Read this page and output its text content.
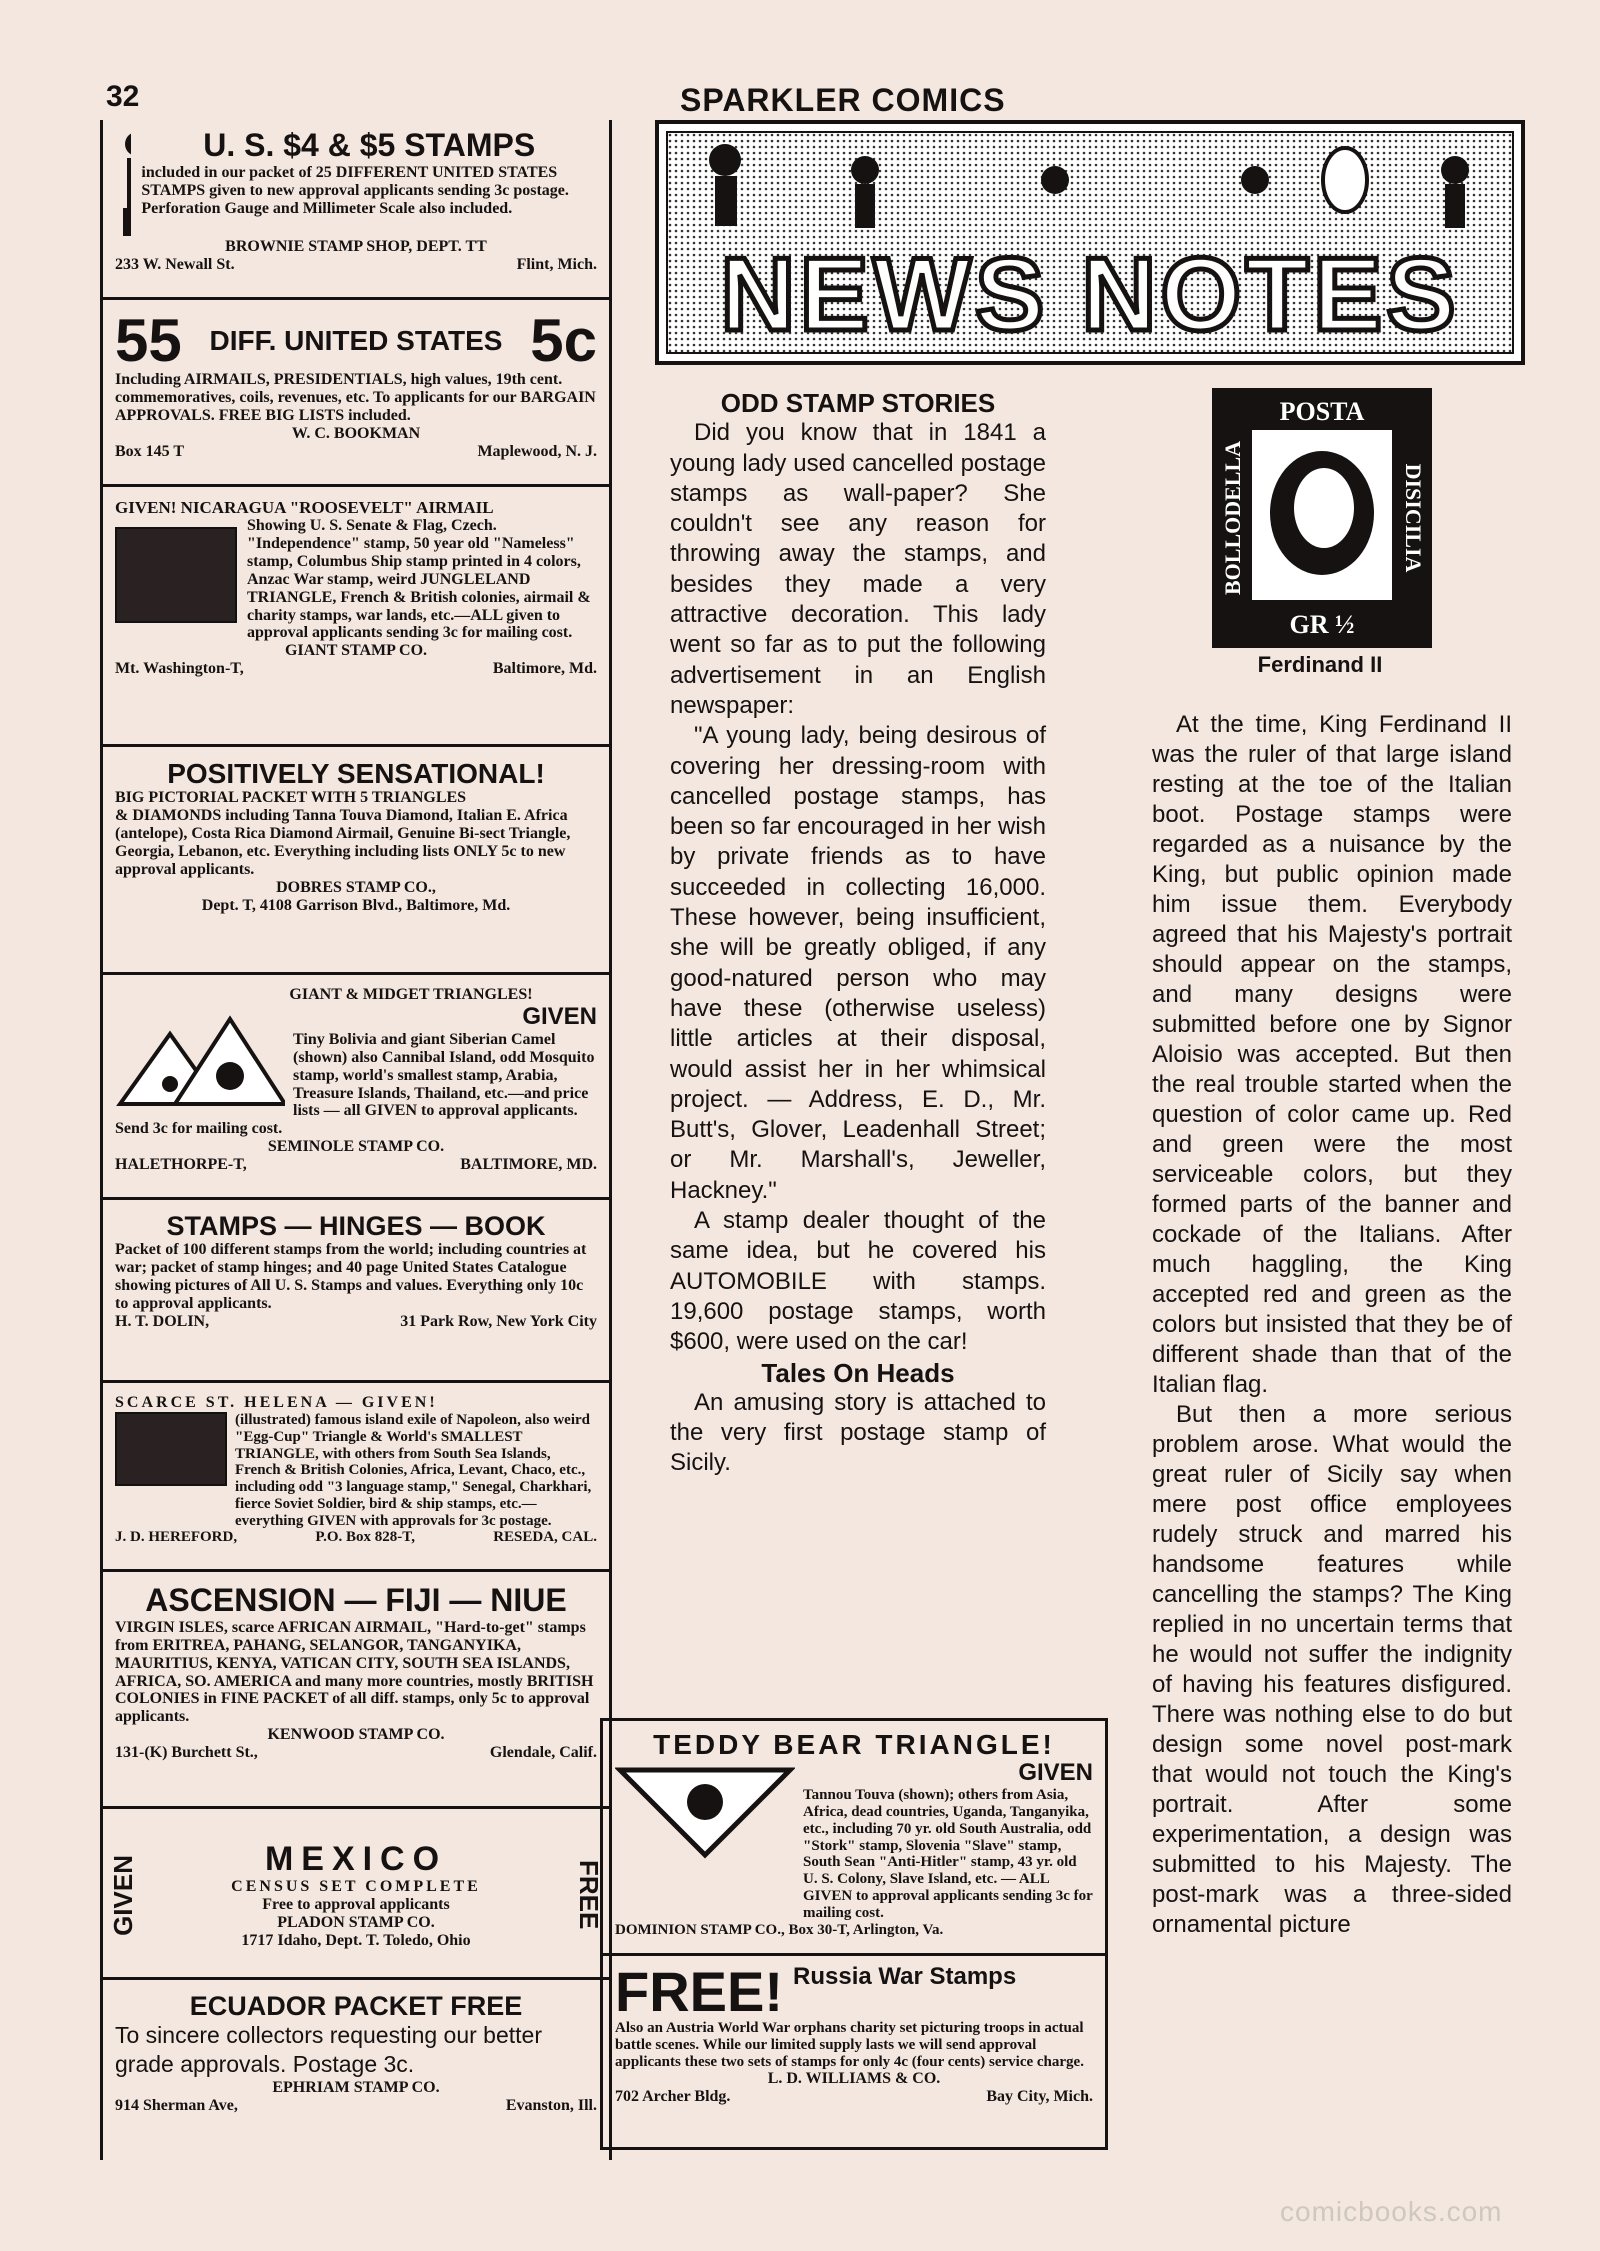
32	SPARKLER COMICS
U. S. $4 & $5 STAMPS
included in our packet of 25 DIFFERENT UNITED STATES STAMPS given to new approval applicants sending 3c postage. Perforation Gauge and Millimeter Scale also included.
BROWNIE STAMP SHOP, DEPT. TT
233 W. Newall St.	Flint, Mich.
55 DIFF. UNITED STATES 5c
Including AIRMAILS, PRESIDENTIALS, high values, 19th cent. commemoratives, coils, revenues, etc. To applicants for our BARGAIN APPROVALS. FREE BIG LISTS included.
W. C. BOOKMAN
Box 145 T	Maplewood, N. J.
GIVEN! NICARAGUA "ROOSEVELT" AIRMAIL
Showing U. S. Senate & Flag, Czech. "Independence" stamp, 50 year old "Nameless" stamp, Columbus Ship stamp printed in 4 colors, Anzac War stamp, weird JUNGLELAND TRIANGLE, French & British colonies, airmail & charity stamps, war lands, etc.—ALL given to approval applicants sending 3c for mailing cost.
GIANT STAMP CO.
Mt. Washington-T,	Baltimore, Md.
POSITIVELY SENSATIONAL!
BIG PICTORIAL PACKET WITH 5 TRIANGLES
& DIAMONDS including Tanna Touva Diamond, Italian E. Africa (antelope), Costa Rica Diamond Airmail, Genuine Bi-sect Triangle, Georgia, Lebanon, etc. Everything including lists ONLY 5c to new approval applicants.
DOBRES STAMP CO.,
Dept. T, 4108 Garrison Blvd., Baltimore, Md.
GIANT & MIDGET TRIANGLES!
GIVEN
Tiny Bolivia and giant Siberian Camel (shown) also Cannibal Island, odd Mosquito stamp, world's smallest stamp, Arabia, Treasure Islands, Thailand, etc.—and price lists — all GIVEN to approval applicants.
Send 3c for mailing cost.
SEMINOLE STAMP CO.
HALETHORPE-T,	BALTIMORE, MD.
STAMPS — HINGES — BOOK
Packet of 100 different stamps from the world; including countries at war; packet of stamp hinges; and 40 page United States Catalogue showing pictures of All U. S. Stamps and values. Everything only 10c to approval applicants.
H. T. DOLIN,	31 Park Row, New York City
SCARCE ST. HELENA — GIVEN!
(illustrated) famous island exile of Napoleon, also weird "Egg-Cup" Triangle & World's SMALLEST TRIANGLE, with others from South Sea Islands, French & British Colonies, Africa, Levant, Chaco, etc., including odd "3 language stamp," Senegal, Charkhari, fierce Soviet Soldier, bird & ship stamps, etc.—everything GIVEN with approvals for 3c postage.
J. D. HEREFORD,	P.O. Box 828-T,	RESEDA, CAL.
ASCENSION — FIJI — NIUE
VIRGIN ISLES, scarce AFRICAN AIRMAIL, "Hard-to-get" stamps from ERITREA, PAHANG, SELANGOR, TANGANYIKA, MAURITIUS, KENYA, VATICAN CITY, SOUTH SEA ISLANDS, AFRICA, SO. AMERICA and many more countries, mostly BRITISH COLONIES in FINE PACKET of all diff. stamps, only 5c to approval applicants.
KENWOOD STAMP CO.
131-(K) Burchett St.,	Glendale, Calif.
GIVEN	MEXICO
CENSUS SET COMPLETE
Free to approval applicants
PLADON STAMP CO.
1717 Idaho, Dept. T. Toledo, Ohio
FREE
ECUADOR PACKET FREE
To sincere collectors requesting our better grade approvals. Postage 3c.
EPHRIAM STAMP CO.
914 Sherman Ave,	Evanston, Ill.
NEWS NOTES
ODD STAMP STORIES

Did you know that in 1841 a young lady used cancelled postage stamps as wall-paper? She couldn't see any reason for throwing away the stamps, and besides they made a very attractive decoration. This lady went so far as to put the following advertisement in an English newspaper:

"A young lady, being desirous of covering her dressing-room with cancelled postage stamps, has been so far encouraged in her wish by private friends as to have succeeded in collecting 16,000. These however, being insufficient, she will be greatly obliged, if any good-natured person who may have these (otherwise useless) little articles at their disposal, would assist her in her whimsical project. — Address, E. D., Mr. Butt's, Glover, Leadenhall Street; or Mr. Marshall's, Jeweller, Hackney."

A stamp dealer thought of the same idea, but he covered his AUTOMOBILE with stamps. 19,600 postage stamps, worth $600, were used on the car!

Tales On Heads

An amusing story is attached to the very first postage stamp of Sicily.

POSTA
GR ½
BOLLODELLA	DISICILIA
Ferdinand II

At the time, King Ferdinand II was the ruler of that large island resting at the toe of the Italian boot. Postage stamps were regarded as a nuisance by the King, but public opinion made him issue them. Everybody agreed that his Majesty's portrait should appear on the stamps, and many designs were submitted before one by Signor Aloisio was accepted. But then the real trouble started when the question of color came up. Red and green were the most serviceable colors, but they formed parts of the banner and cockade of the Italians. After much haggling, the King accepted red and green as the colors but insisted that they be of different shade than that of the Italian flag.

But then a more serious problem arose. What would the great ruler of Sicily say when mere post office employees rudely struck and marred his handsome features while cancelling the stamps? The King replied in no uncertain terms that he would not suffer the indignity of having his features disfigured. There was nothing else to do but design some novel post-mark that would not touch the King's portrait. After some experimentation, a design was submitted to his Majesty. The post-mark was a three-sided ornamental picture

TEDDY BEAR TRIANGLE!
GIVEN
Tannou Touva (shown); others from Asia, Africa, dead countries, Uganda, Tanganyika, etc., including 70 yr. old South Australia, odd "Stork" stamp, Slovenia "Slave" stamp, South Sean "Anti-Hitler" stamp, 43 yr. old U. S. Colony, Slave Island, etc. — ALL GIVEN to approval applicants sending 3c for mailing cost.
DOMINION STAMP CO., Box 30-T, Arlington, Va.
FREE! Russia War Stamps
Also an Austria World War orphans charity set picturing troops in actual battle scenes. While our limited supply lasts we will send approval applicants these two sets of stamps for only 4c (four cents) service charge.
L. D. WILLIAMS & CO.
702 Archer Bldg.	Bay City, Mich.
comicbooks.com
